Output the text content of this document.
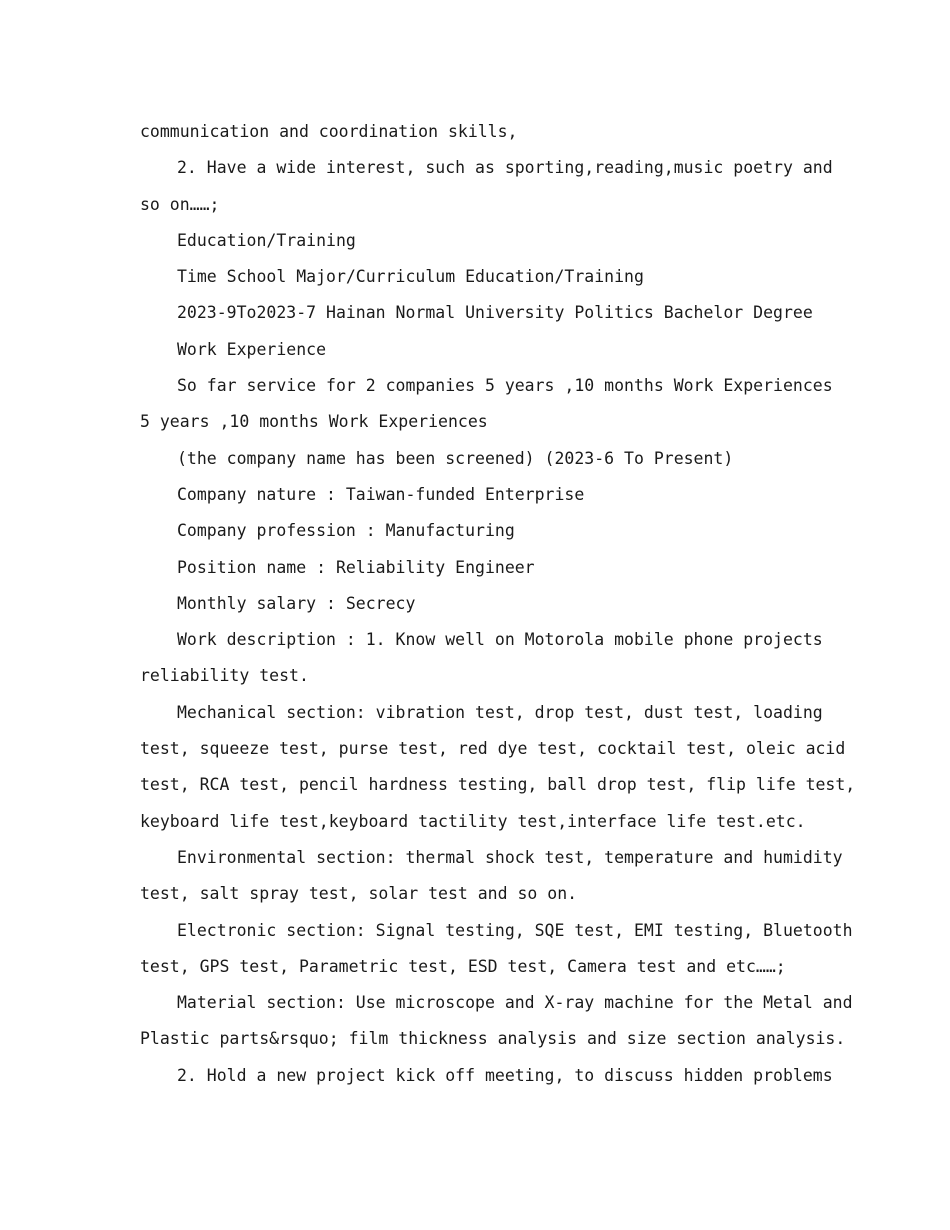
communication and coordination skills,
2. Have a wide interest, such as sporting,reading,music poetry and
so on……;
Education/Training
Time School Major/Curriculum Education/Training
2023-9To2023-7 Hainan Normal University Politics Bachelor Degree
Work Experience
So far service for 2 companies 5 years ,10 months Work Experiences
5 years ,10 months Work Experiences
(the company name has been screened) (2023-6 To Present)
Company nature : Taiwan-funded Enterprise
Company profession : Manufacturing
Position name : Reliability Engineer
Monthly salary : Secrecy
Work description : 1. Know well on Motorola mobile phone projects
reliability test.
Mechanical section: vibration test, drop test, dust test, loading
test, squeeze test, purse test, red dye test, cocktail test, oleic acid
test, RCA test, pencil hardness testing, ball drop test, flip life test,
keyboard life test,keyboard tactility test,interface life test.etc.
Environmental section: thermal shock test, temperature and humidity
test, salt spray test, solar test and so on.
Electronic section: Signal testing, SQE test, EMI testing, Bluetooth
test, GPS test, Parametric test, ESD test, Camera test and etc……;
Material section: Use microscope and X-ray machine for the Metal and
Plastic parts&rsquo; film thickness analysis and size section analysis.
2. Hold a new project kick off meeting, to discuss hidden problems
